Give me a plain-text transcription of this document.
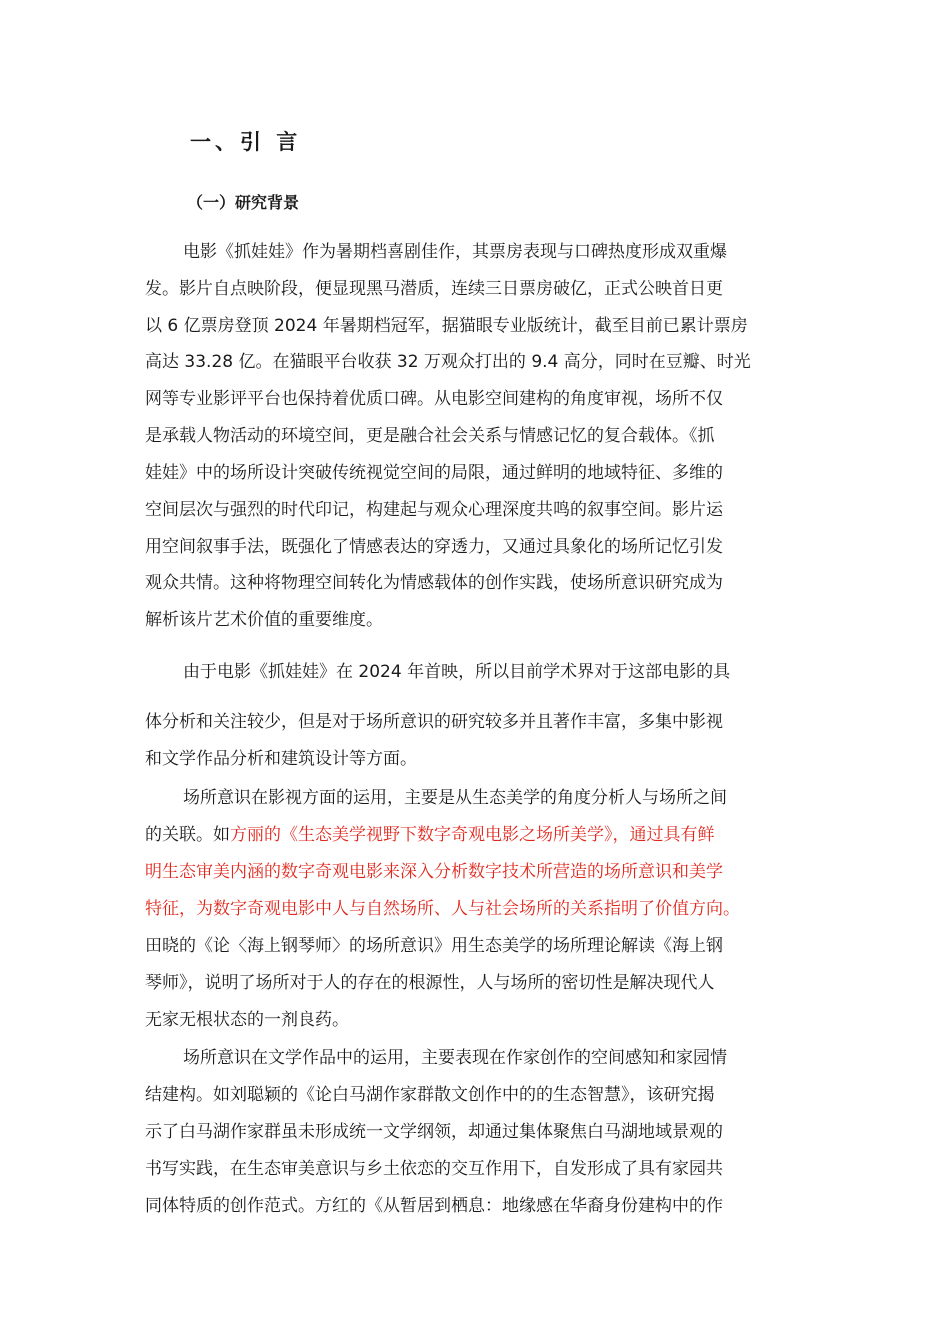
一、引 言
（一）研究背景
电影《抓娃娃》作为暑期档喜剧佳作，其票房表现与口碑热度形成双重爆
发。影片自点映阶段，便显现黑马潜质，连续三日票房破亿，正式公映首日更
以 6 亿票房登顶 2024 年暑期档冠军，据猫眼专业版统计，截至目前已累计票房
高达 33.28 亿。在猫眼平台收获 32 万观众打出的 9.4 高分，同时在豆瓣、时光
网等专业影评平台也保持着优质口碑。从电影空间建构的角度审视，场所不仅
是承载人物活动的环境空间，更是融合社会关系与情感记忆的复合载体。《抓
娃娃》中的场所设计突破传统视觉空间的局限，通过鲜明的地域特征、多维的
空间层次与强烈的时代印记，构建起与观众心理深度共鸣的叙事空间。影片运
用空间叙事手法，既强化了情感表达的穿透力，又通过具象化的场所记忆引发
观众共情。这种将物理空间转化为情感载体的创作实践，使场所意识研究成为
解析该片艺术价值的重要维度。
由于电影《抓娃娃》在 2024 年首映，所以目前学术界对于这部电影的具
体分析和关注较少，但是对于场所意识的研究较多并且著作丰富，多集中影视
和文学作品分析和建筑设计等方面。
场所意识在影视方面的运用，主要是从生态美学的角度分析人与场所之间
的关联。如方丽的《生态美学视野下数字奇观电影之场所美学》，通过具有鲜
明生态审美内涵的数字奇观电影来深入分析数字技术所营造的场所意识和美学
特征，为数字奇观电影中人与自然场所、人与社会场所的关系指明了价值方向。
田晓的《论〈海上钢琴师〉的场所意识》用生态美学的场所理论解读《海上钢
琴师》，说明了场所对于人的存在的根源性，人与场所的密切性是解决现代人
无家无根状态的一剂良药。
场所意识在文学作品中的运用，主要表现在作家创作的空间感知和家园情
结建构。如刘聪颖的《论白马湖作家群散文创作中的的生态智慧》，该研究揭
示了白马湖作家群虽未形成统一文学纲领，却通过集体聚焦白马湖地域景观的
书写实践，在生态审美意识与乡土依恋的交互作用下，自发形成了具有家园共
同体特质的创作范式。方红的《从暂居到栖息：地缘感在华裔身份建构中的作
